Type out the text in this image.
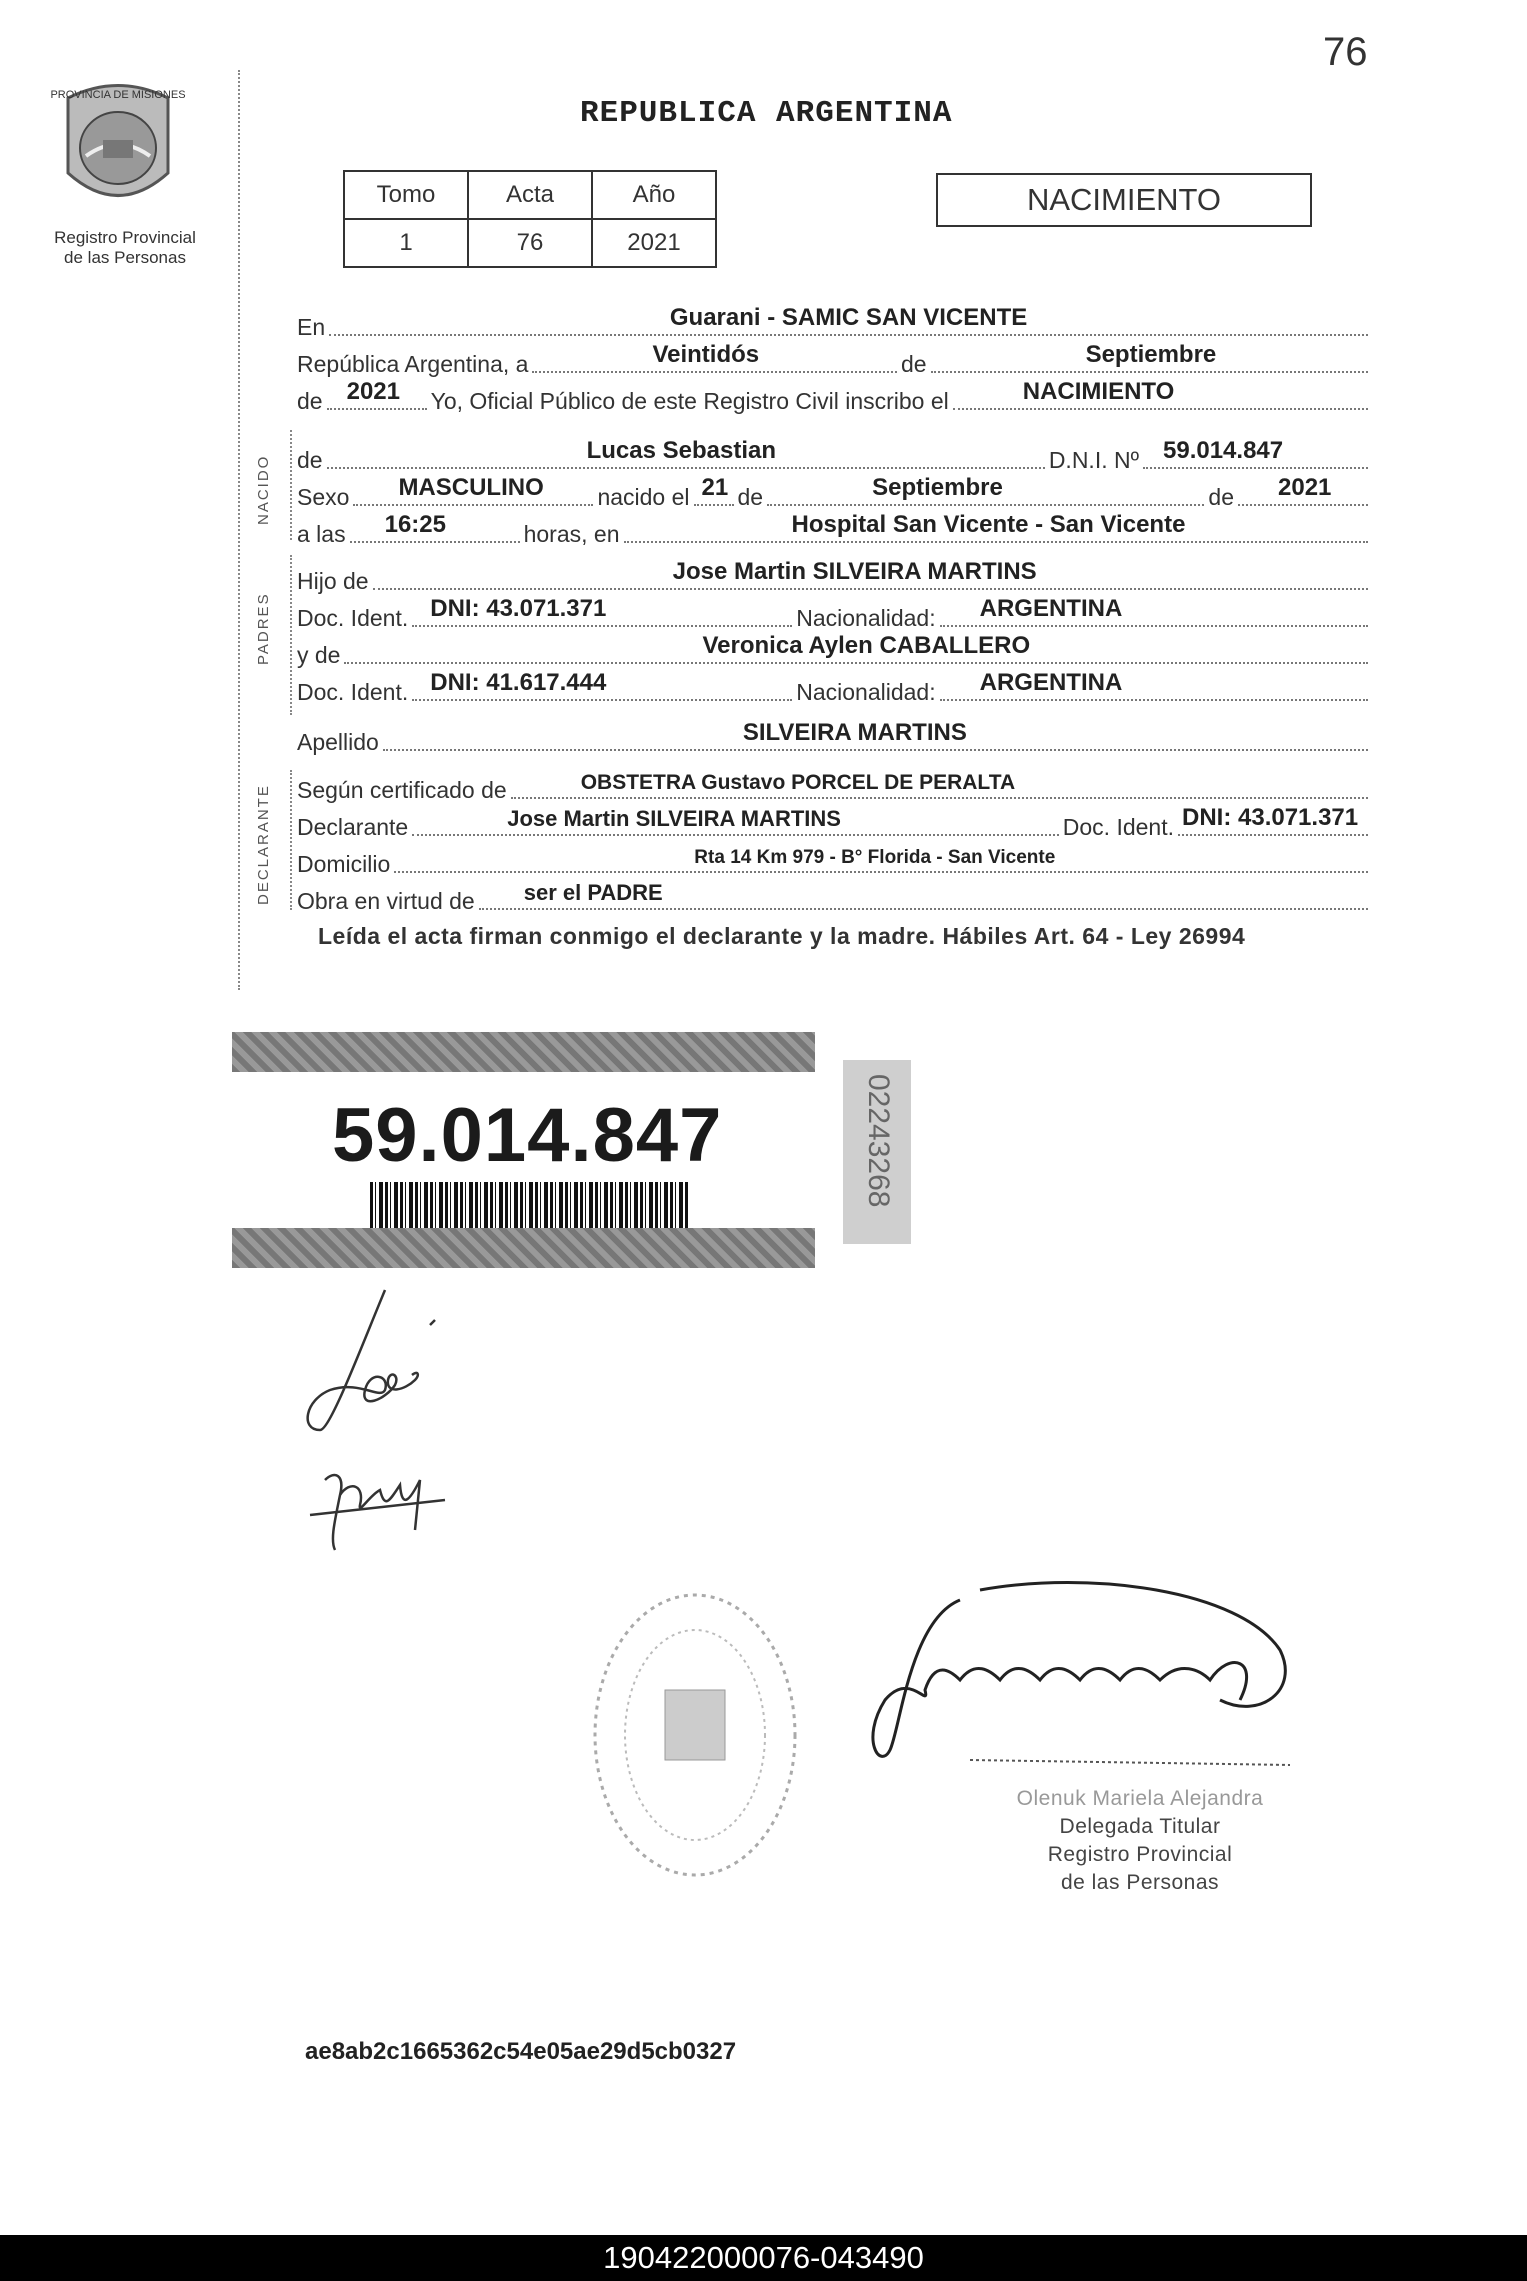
76
PROVINCIA DE MISIONES
Registro Provincial
de las Personas
REPUBLICA ARGENTINA
Tomo	Acta	Año
1	76	2021
NACIMIENTO
NACIDO
PADRES
DECLARANTE
En	Guarani - SAMIC SAN VICENTE
República Argentina, a	Veintidós	de	Septiembre
de 2021 Yo, Oficial Público de este Registro Civil inscribo el	NACIMIENTO
de	Lucas Sebastian	D.N.I. Nº 59.014.847
Sexo MASCULINO nacido el 21 de	Septiembre	de 2021
a las 16:25	horas, en	Hospital San Vicente - San Vicente
Hijo de	Jose Martin SILVEIRA MARTINS
Doc. Ident. DNI: 43.071.371	Nacionalidad: ARGENTINA
y de	Veronica Aylen CABALLERO
Doc. Ident. DNI: 41.617.444	Nacionalidad: ARGENTINA
Apellido	SILVEIRA MARTINS
Según certificado de	OBSTETRA Gustavo PORCEL DE PERALTA
Declarante	Jose Martin SILVEIRA MARTINS	Doc. Ident. DNI: 43.071.371
Domicilio	Rta 14 Km 979 - B° Florida - San Vicente
Obra en virtud de ser el PADRE
Leída el acta firman conmigo el declarante y la madre. Hábiles Art. 64 - Ley 26994
59.014.847	02243268
Olenuk Mariela Alejandra
Delegada Titular
Registro Provincial
de las Personas
ae8ab2c1665362c54e05ae29d5cb0327
190422000076-043490
